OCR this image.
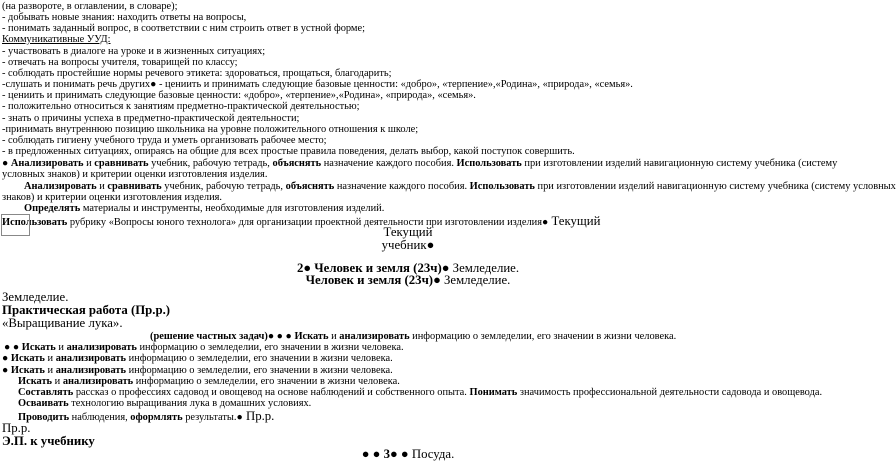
(на развороте, в оглавлении, в словаре);
- добывать новые знания: находить ответы на вопросы,
- понимать заданный вопрос, в соответствии с ним строить ответ в устной форме;
Коммуникативные УУД:
- участвовать в диалоге на уроке и в жизненных ситуациях;
- отвечать на вопросы учителя, товарищей по классу;
- соблюдать простейшие нормы речевого этикета: здороваться, прощаться, благодарить;
-слушать и понимать речь других● - цениить и принимать следующие базовые ценности: «добро», «терпение»,«Родина», «природа», «семья».
- цениить и принимать следующие базовые ценности: «добро», «терпение»,«Родина», «природа», «семья».
- положительно относиться к занятиям предметно-практической деятельностью;
- знать о причины успеха в предметно-практической деятельности;
-принимать внутреннюю позицию школьника на уровне положительного отношения к школе;
- соблюдать гигиену учебного труда и уметь организовать рабочее место;
- в предложенных ситуациях, опираясь на общие для всех простые правила поведения, делать выбор, какой поступок совершить.
● Анализировать и сравнивать учебник, рабочую тетрадь, объяснять назначение каждого пособия. Использовать при изготовлении изделий навигационную систему учебника (систему
условных знаков) и критерии оценки изготовления изделия.
Анализировать и сравнивать учебник, рабочую тетрадь, объяснять назначение каждого пособия. Использовать при изготовлении изделий навигационную систему учебника (систему условных
знаков) и критерии оценки изготовления изделия.
Определять материалы и инструменты, необходимые для изготовления изделий.
Использовать рубрику «Вопросы юного технолога» для организации проектной деятельности при изготовлении изделия● Текущий
Текущий
учебник●
2● Человек и земля (23ч)● Земледелие.
Человек и земля (23ч)● Земледелие.
Земледелие.
Практическая работа (Пр.р.)
«Выращивание лука».
(решение частных задач)● ● ● Искать и анализировать информацию о земледелии, его значении в жизни человека.
● ● Искать и анализировать информацию о земледелии, его значении в жизни человека.
● Искать и анализировать информацию о земледелии, его значении в жизни человека.
● Искать и анализировать информацию о земледелии, его значении в жизни человека.
Искать и анализировать информацию о земледелии, его значении в жизни человека.
Составлять рассказ о профессиях садовод и овощевод на основе наблюдений и собственного опыта. Понимать значимость профессиональной деятельности садовода и овощевода.
Осваивать технологию выращивания лука в домашних условиях.
Проводить наблюдения, оформлять результаты.● Пр.р.
Пр.р.
Э.П. к учебнику
● ● 3● ● Посуда.
